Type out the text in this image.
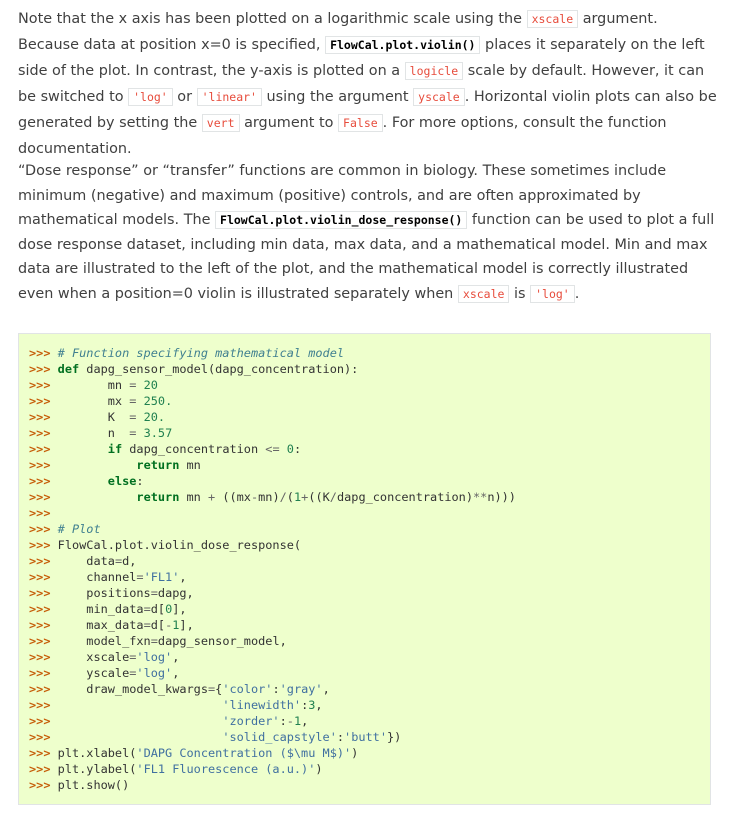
Note that the x axis has been plotted on a logarithmic scale using the xscale argument. Because data at position x=0 is specified, FlowCal.plot.violin() places it separately on the left side of the plot. In contrast, the y-axis is plotted on a logicle scale by default. However, it can be switched to 'log' or 'linear' using the argument yscale . Horizontal violin plots can also be generated by setting the vert argument to False . For more options, consult the function documentation.

“Dose response” or “transfer” functions are common in biology. These sometimes include minimum (negative) and maximum (positive) controls, and are often approximated by mathematical models. The FlowCal.plot.violin_dose_response() function can be used to plot a full dose response dataset, including min data, max data, and a mathematical model. Min and max data are illustrated to the left of the plot, and the mathematical model is correctly illustrated even when a position=0 violin is illustrated separately when xscale is 'log' .

>>> # Function specifying mathematical model
>>> def dapg_sensor_model(dapg_concentration):
>>>        mn = 20
>>>        mx = 250.
>>>        K  = 20.
>>>        n  = 3.57
>>>	if dapg_concentration <= 0:
>>>	return mn
>>>	else:
>>>	return mn + ((mx-mn)/(1+((K/dapg_concentration)**n)))
>>>
>>> # Plot
>>> FlowCal.plot.violin_dose_response(
>>>     data=d,
>>>     channel='FL1',
>>>     positions=dapg,
>>>     min_data=d[0],
>>>     max_data=d[-1],
>>>     model_fxn=dapg_sensor_model,
>>>     xscale='log',
>>>     yscale='log',
>>>     draw_model_kwargs={'color':'gray',
>>>	'linewidth':3,
>>>	'zorder':-1,
>>>	'solid_capstyle':'butt'})
>>> plt.xlabel('DAPG Concentration ($\mu M$)')
>>> plt.ylabel('FL1 Fluorescence (a.u.)')
>>> plt.show()
